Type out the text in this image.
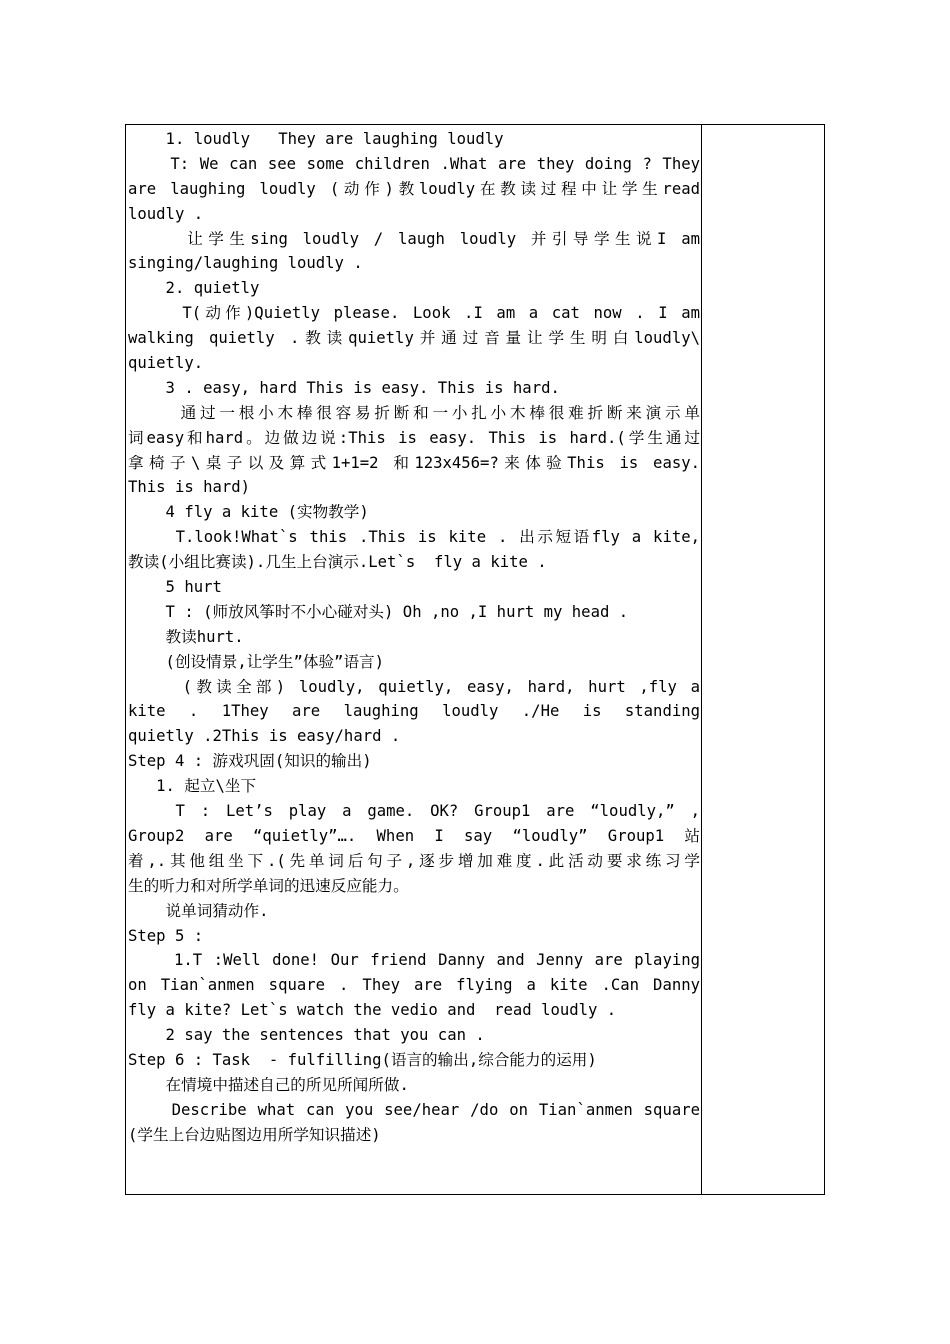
1. loudly   They are laughing loudly
T: We can see some children .What are they doing ? They
are laughing loudly (动作)教loudly在教读过程中让学生read
loudly .
让学生sing loudly / laugh loudly 并引导学生说I am
singing/laughing loudly .
2. quietly
T(动作)Quietly please. Look .I am a cat now . I am
walking quietly .教读quietly并通过音量让学生明白loudly\
quietly.
3 . easy, hard This is easy. This is hard.
通过一根小木棒很容易折断和一小扎小木棒很难折断来演示单
词easy和hard。边做边说:This is easy. This is hard.(学生通过
拿椅子\桌子以及算式1+1=2 和123x456=?来体验This is easy.
This is hard)
4 fly a kite (实物教学)
T.look!What`s this .This is kite . 出示短语fly a kite,
教读(小组比赛读).几生上台演示.Let`s  fly a kite .
5 hurt
T : (师放风筝时不小心碰对头) Oh ,no ,I hurt my head .
教读hurt.
(创设情景,让学生”体验”语言)
(教读全部) loudly, quietly, easy, hard, hurt ,fly a
kite . 1They are laughing loudly ./He is standing
quietly .2This is easy/hard .
Step 4 : 游戏巩固(知识的输出)
1. 起立\坐下
T : Let’s play a game. OK? Group1 are “loudly,” ,
Group2 are “quietly”…. When I say “loudly” Group1 站
着,.其他组坐下.(先单词后句子,逐步增加难度.此活动要求练习学
生的听力和对所学单词的迅速反应能力。
说单词猜动作.
Step 5 :
1.T :Well done! Our friend Danny and Jenny are playing
on Tian`anmen square . They are flying a kite .Can Danny
fly a kite? Let`s watch the vedio and  read loudly .
2 say the sentences that you can .
Step 6 : Task  - fulfilling(语言的输出,综合能力的运用)
在情境中描述自己的所见所闻所做.
Describe what can you see/hear /do on Tian`anmen square
(学生上台边贴图边用所学知识描述)
